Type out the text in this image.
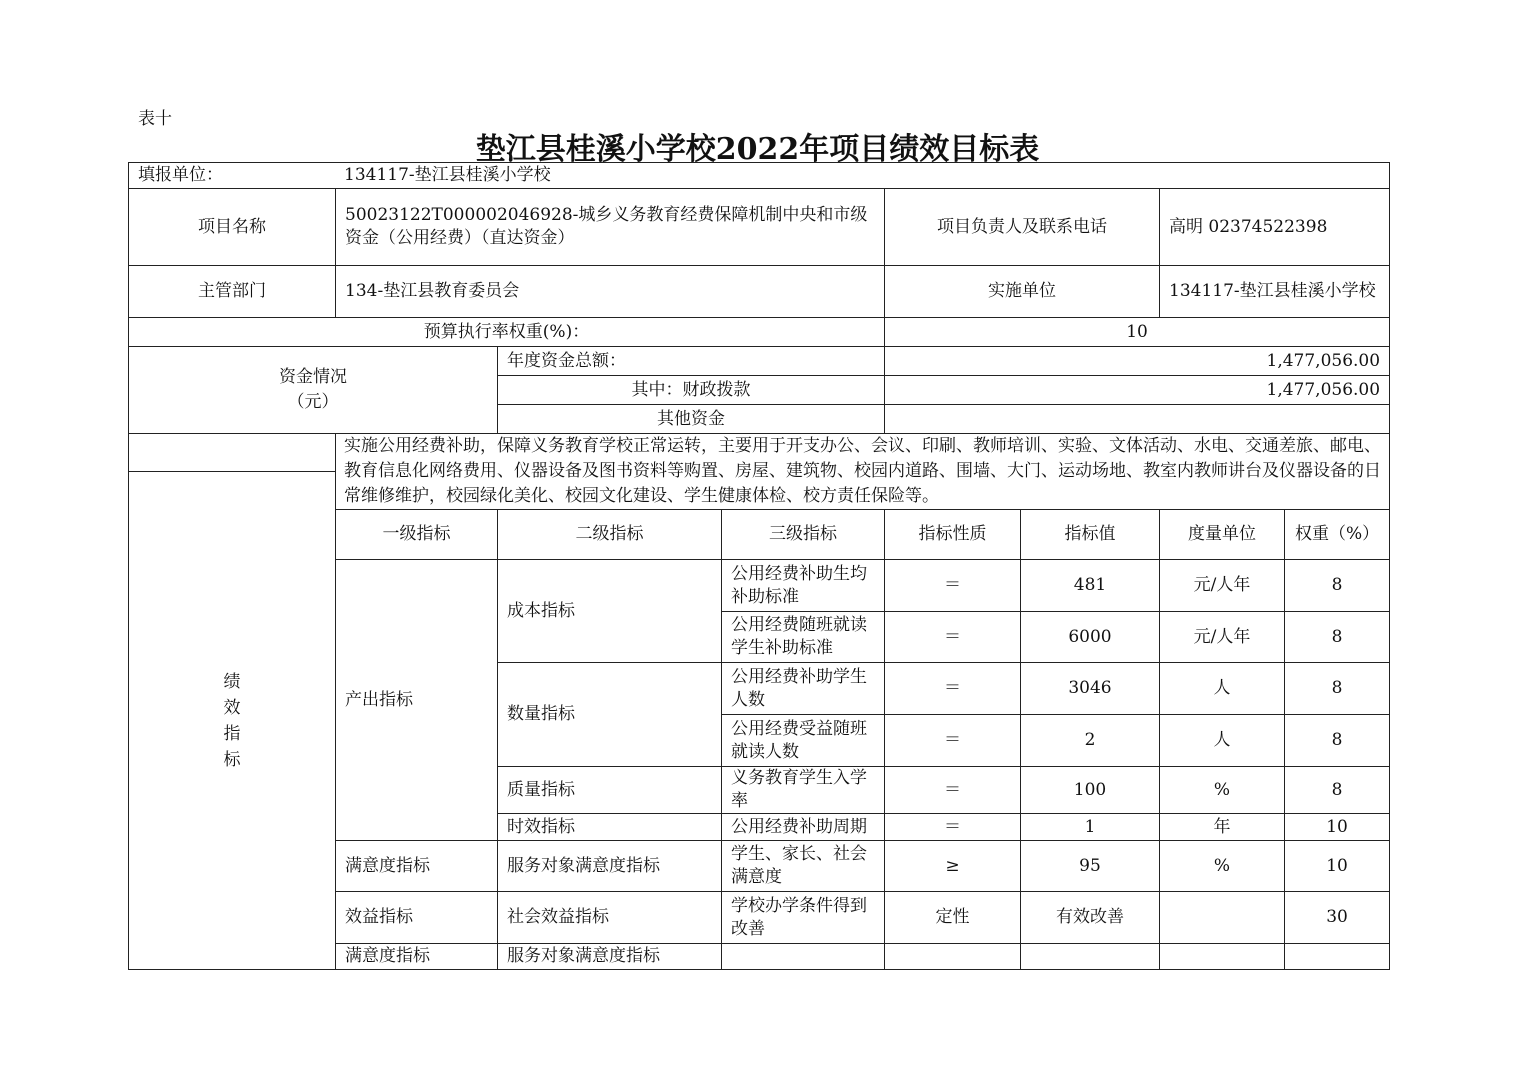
表十
垫江县桂溪小学校2022年项目绩效目标表
填报单位： 134117-垫江县桂溪小学校							
项目名称	50023122T000002046928-城乡义务教育经费保障机制中央和市级资金（公用经费）（直达资金）			项目负责人及联系电话		高明 02374522398	
主管部门	134-垫江县教育委员会			实施单位		134117-垫江县桂溪小学校	
预算执行率权重(%)：				10			

资金情况（元）		年度资金总额：		1,477,056.00			
		其中：财政拨款		1,477,056.00			
		其他资金					
	实施公用经费补助，保障义务教育学校正常运转，主要用于开支办公、会议、印刷、教师培训、实验、文体活动、水电、交通差旅、邮电、教育信息化网络费用、仪器设备及图书资料等购置、房屋、建筑物、校园内道路、围墙、大门、运动场地、教室内教师讲台及仪器设备的日常维修维护，校园绿化美化、校园文化建设、学生健康体检、校方责任保险等。						

绩效指标							

	一级指标	二级指标	三级指标	指标性质	指标值	度量单位	权重（%）
	产出指标	成本指标	公用经费补助生均补助标准	＝	481	元/人年	8
			公用经费随班就读学生补助标准	＝	6000	元/人年	8
		数量指标	公用经费补助学生人数	＝	3046	人	8
			公用经费受益随班就读人数	＝	2	人	8
		质量指标	义务教育学生入学率	＝	100	%	8
		时效指标	公用经费补助周期	＝	1	年	10
	满意度指标	服务对象满意度指标	学生、家长、社会满意度	≥	95	%	10
	效益指标	社会效益指标	学校办学条件得到改善	定性	有效改善		30
	满意度指标	服务对象满意度指标					
